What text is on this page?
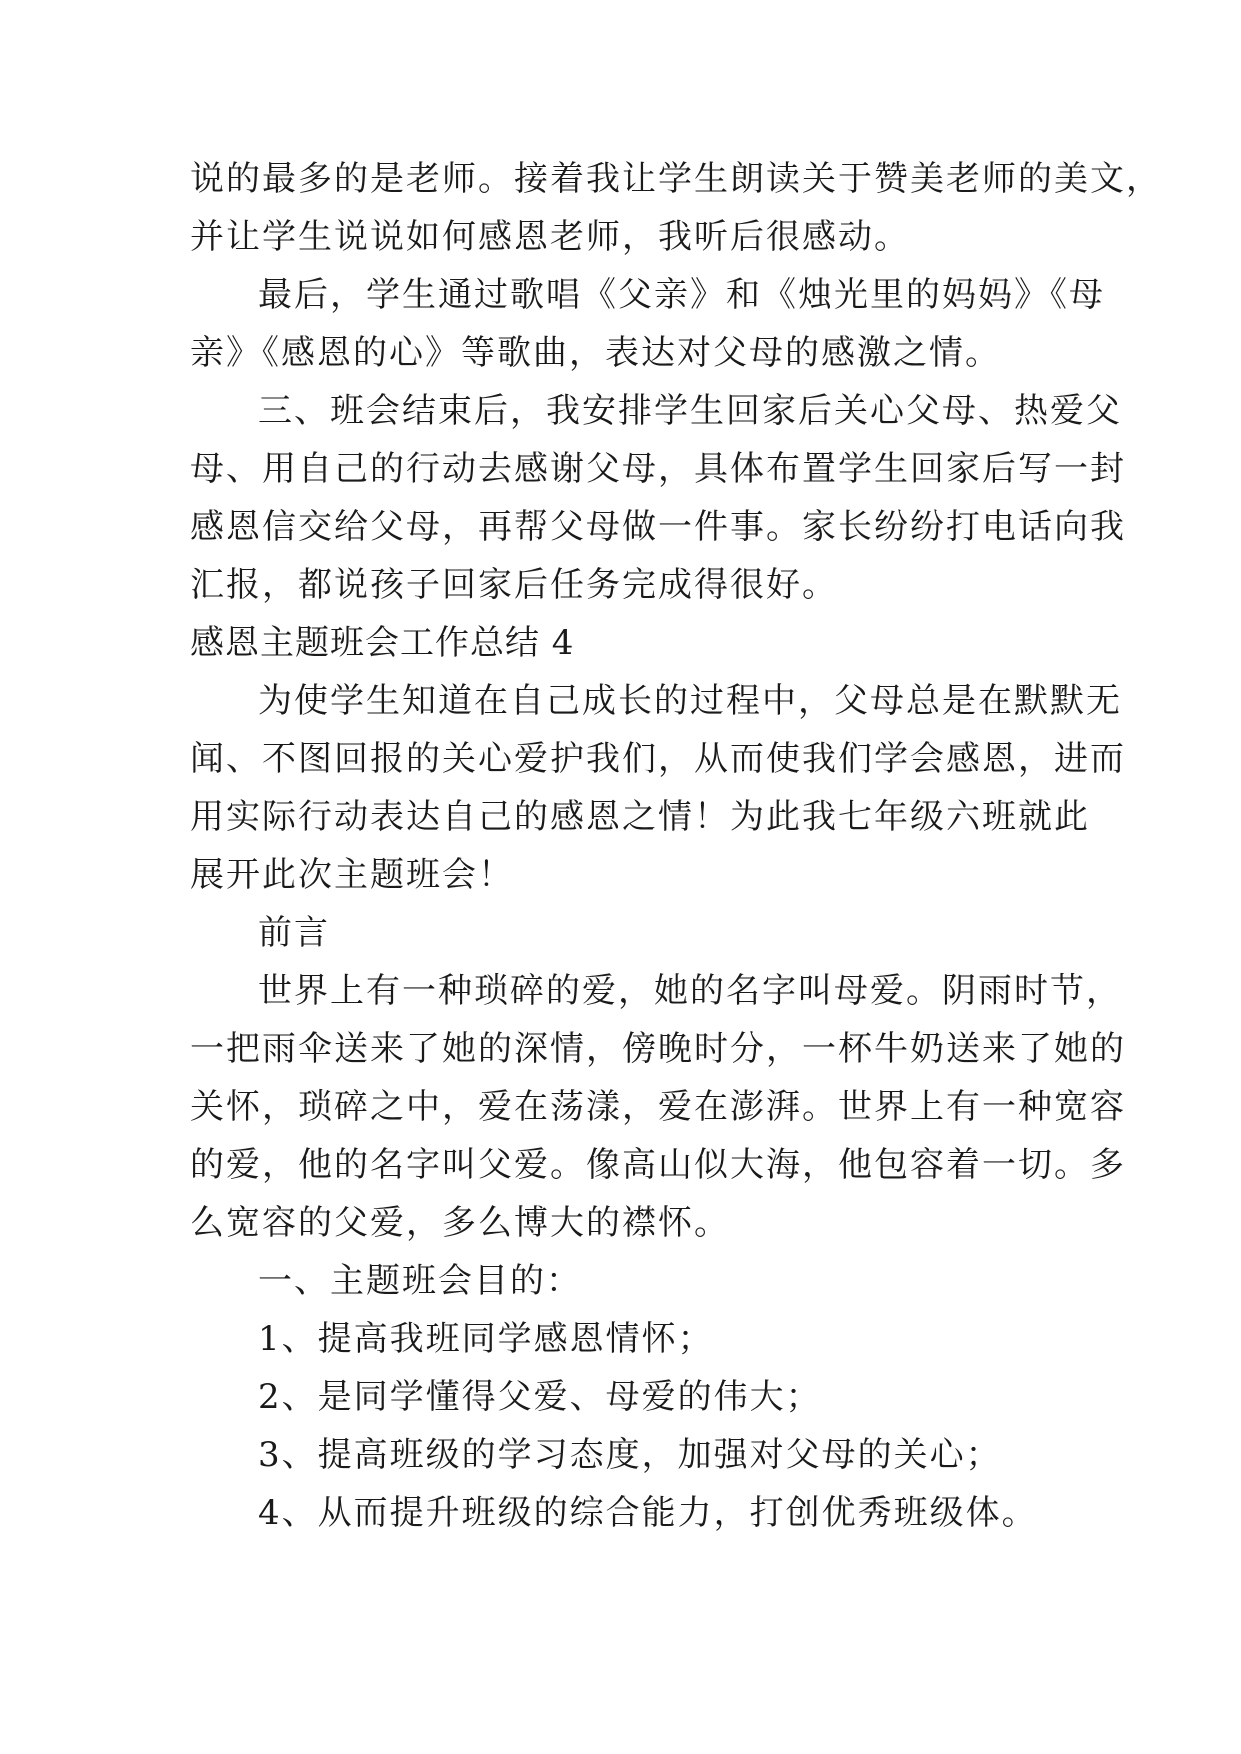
说的最多的是老师。接着我让学生朗读关于赞美老师的美文，
并让学生说说如何感恩老师，我听后很感动。
最后，学生通过歌唱《父亲》和《烛光里的妈妈》《母
亲》《感恩的心》等歌曲，表达对父母的感激之情。
三、班会结束后，我安排学生回家后关心父母、热爱父
母、用自己的行动去感谢父母，具体布置学生回家后写一封
感恩信交给父母，再帮父母做一件事。家长纷纷打电话向我
汇报，都说孩子回家后任务完成得很好。
感恩主题班会工作总结 4
为使学生知道在自己成长的过程中，父母总是在默默无
闻、不图回报的关心爱护我们，从而使我们学会感恩，进而
用实际行动表达自己的感恩之情！为此我七年级六班就此
展开此次主题班会！
前言
世界上有一种琐碎的爱，她的名字叫母爱。阴雨时节，
一把雨伞送来了她的深情，傍晚时分，一杯牛奶送来了她的
关怀，琐碎之中，爱在荡漾，爱在澎湃。世界上有一种宽容
的爱，他的名字叫父爱。像高山似大海，他包容着一切。多
么宽容的父爱，多么博大的襟怀。
一、主题班会目的：
1、提高我班同学感恩情怀；
2、是同学懂得父爱、母爱的伟大；
3、提高班级的学习态度，加强对父母的关心；
4、从而提升班级的综合能力，打创优秀班级体。
